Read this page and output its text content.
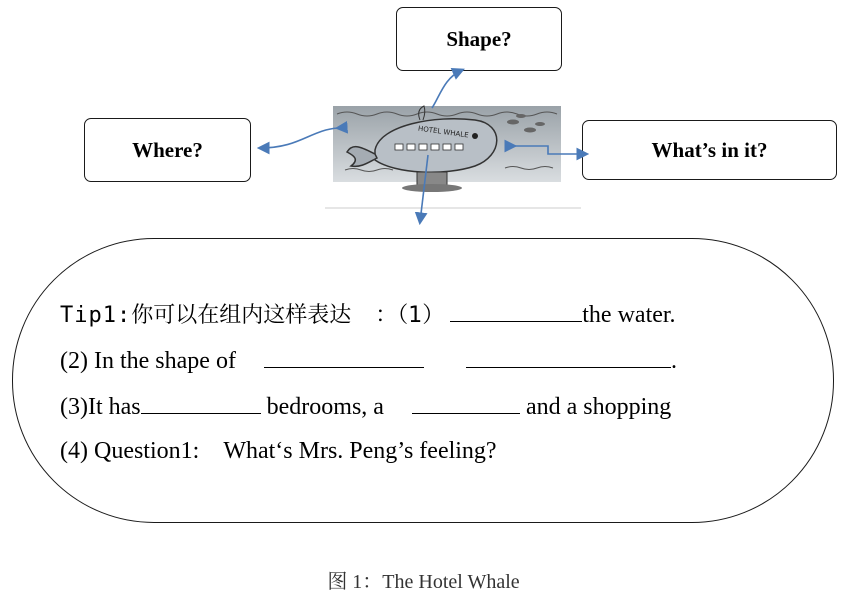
Shape?
Where?	What’s in it?
HOTEL WHALE
Tip1:你可以在组内这样表达 ：（1）	the water.
(2) In the shape of	.
(3)It has	bedrooms, a	and a shopping
(4) Question1: What‘s Mrs. Peng’s feeling?
图 1：The Hotel Whale
